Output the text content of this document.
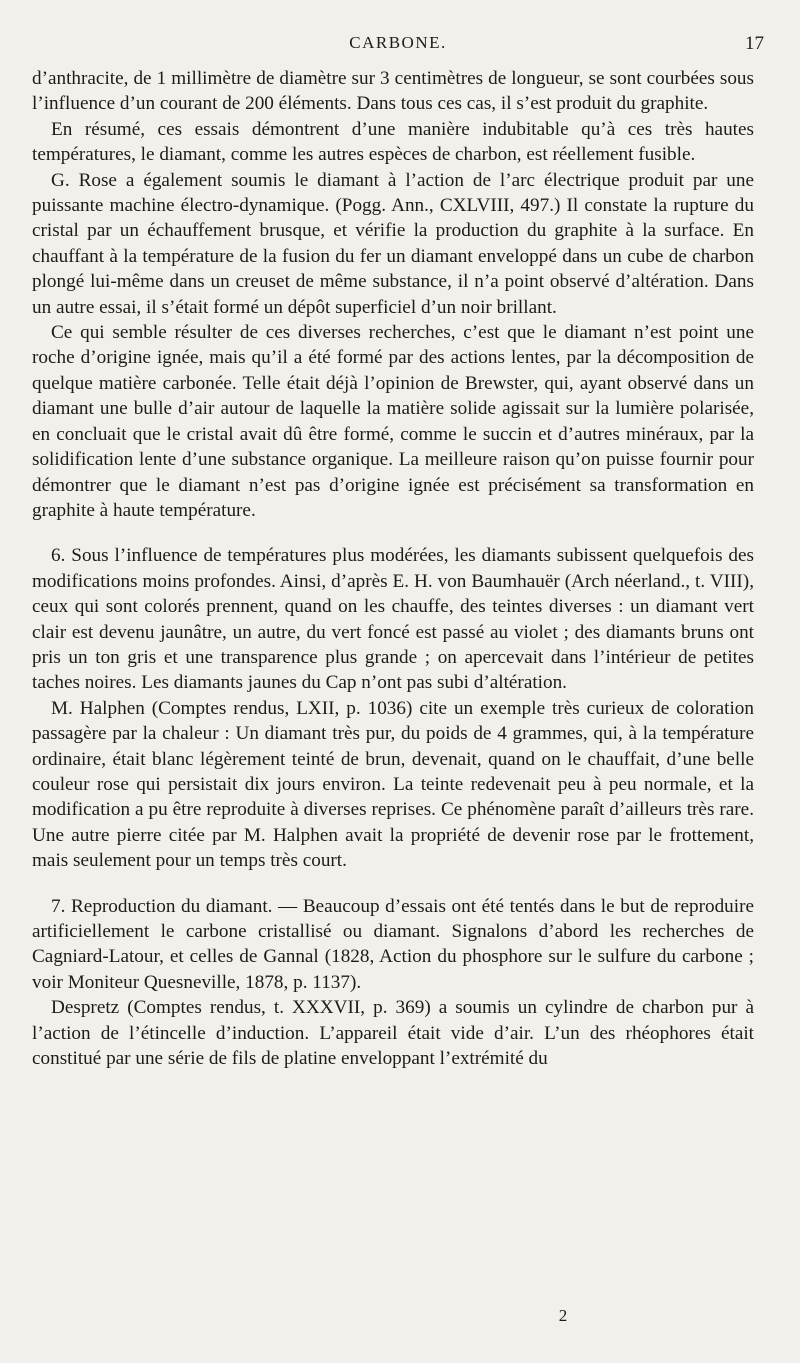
CARBONE.	17

d’anthracite, de 1 millimètre de diamètre sur 3 centimètres de longueur, se sont courbées sous l’influence d’un courant de 200 éléments. Dans tous ces cas, il s’est produit du graphite.

En résumé, ces essais démontrent d’une manière indubitable qu’à ces très hautes températures, le diamant, comme les autres espèces de charbon, est réellement fusible.

G. Rose a également soumis le diamant à l’action de l’arc électrique produit par une puissante machine électro-dynamique. (Pogg. Ann., CXLVIII, 497.) Il constate la rupture du cristal par un échauffement brusque, et vérifie la production du graphite à la surface. En chauffant à la température de la fusion du fer un diamant enveloppé dans un cube de charbon plongé lui-même dans un creuset de même substance, il n’a point observé d’altération. Dans un autre essai, il s’était formé un dépôt superficiel d’un noir brillant.

Ce qui semble résulter de ces diverses recherches, c’est que le diamant n’est point une roche d’origine ignée, mais qu’il a été formé par des actions lentes, par la décomposition de quelque matière carbonée. Telle était déjà l’opinion de Brewster, qui, ayant observé dans un diamant une bulle d’air autour de laquelle la matière solide agissait sur la lumière polarisée, en concluait que le cristal avait dû être formé, comme le succin et d’autres minéraux, par la solidification lente d’une substance organique. La meilleure raison qu’on puisse fournir pour démontrer que le diamant n’est pas d’origine ignée est précisément sa transformation en graphite à haute température.

6. Sous l’influence de températures plus modérées, les diamants subissent quelquefois des modifications moins profondes. Ainsi, d’après E. H. von Baumhauër (Arch néerland., t. VIII), ceux qui sont colorés prennent, quand on les chauffe, des teintes diverses : un diamant vert clair est devenu jaunâtre, un autre, du vert foncé est passé au violet ; des diamants bruns ont pris un ton gris et une transparence plus grande ; on apercevait dans l’intérieur de petites taches noires. Les diamants jaunes du Cap n’ont pas subi d’altération.

M. Halphen (Comptes rendus, LXII, p. 1036) cite un exemple très curieux de coloration passagère par la chaleur : Un diamant très pur, du poids de 4 grammes, qui, à la température ordinaire, était blanc légèrement teinté de brun, devenait, quand on le chauffait, d’une belle couleur rose qui persistait dix jours environ. La teinte redevenait peu à peu normale, et la modification a pu être reproduite à diverses reprises. Ce phénomène paraît d’ailleurs très rare. Une autre pierre citée par M. Halphen avait la propriété de devenir rose par le frottement, mais seulement pour un temps très court.

7. Reproduction du diamant. — Beaucoup d’essais ont été tentés dans le but de reproduire artificiellement le carbone cristallisé ou diamant. Signalons d’abord les recherches de Cagniard-Latour, et celles de Gannal (1828, Action du phosphore sur le sulfure du carbone ; voir Moniteur Quesneville, 1878, p. 1137).

Despretz (Comptes rendus, t. XXXVII, p. 369) a soumis un cylindre de charbon pur à l’action de l’étincelle d’induction. L’appareil était vide d’air. L’un des rhéophores était constitué par une série de fils de platine enveloppant l’extrémité du

2
